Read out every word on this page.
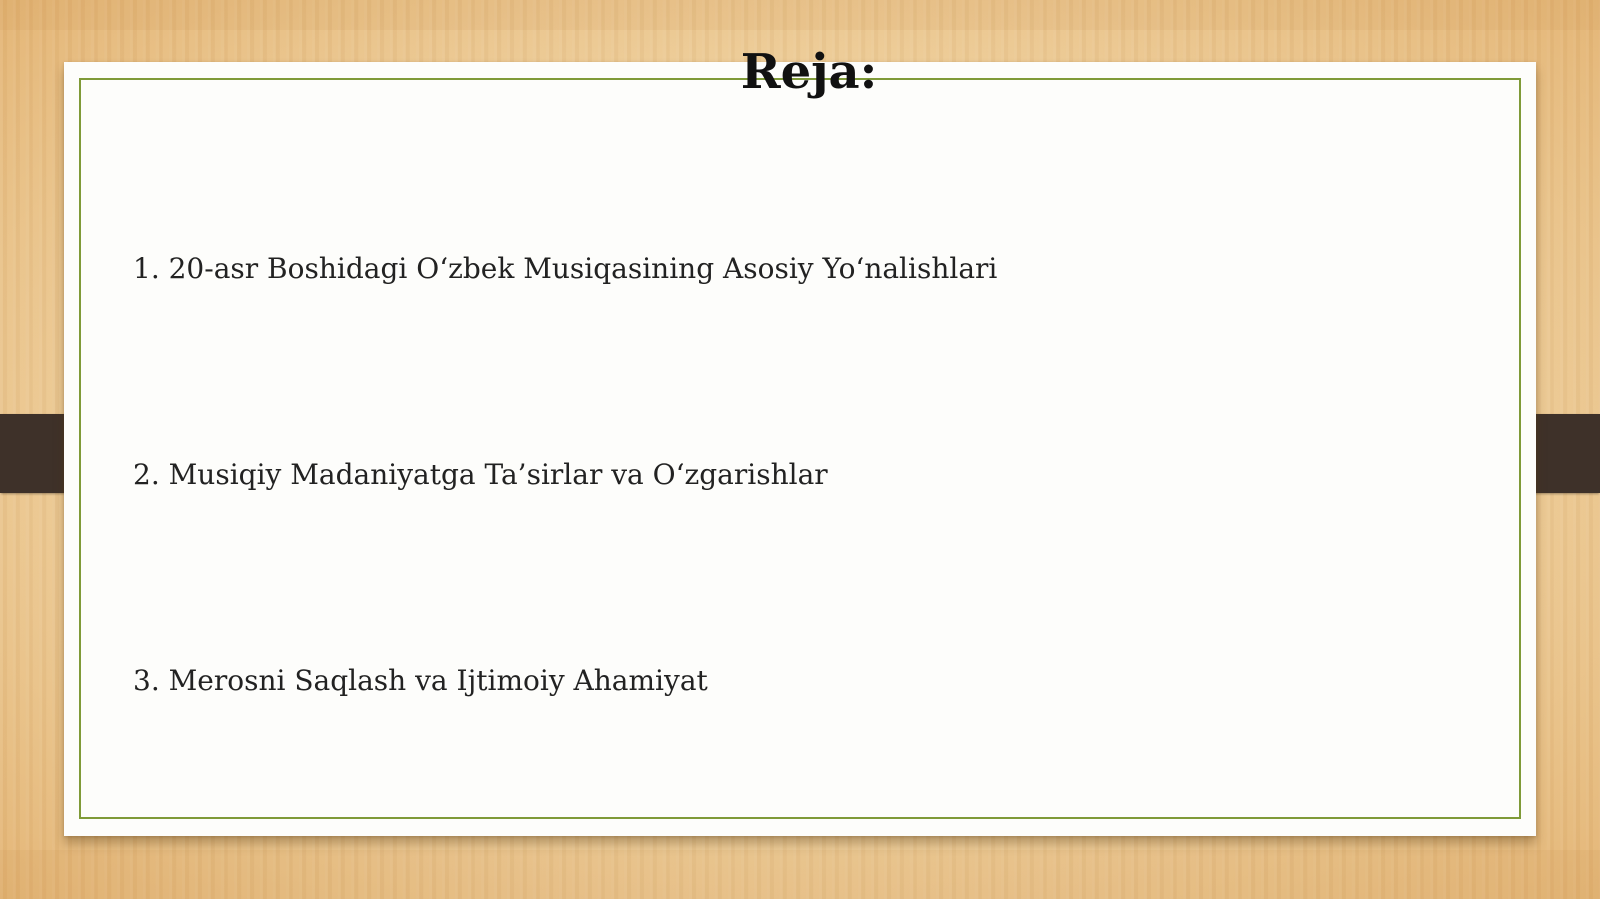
Reja:
1. 20-asr Boshidagi O‘zbek Musiqasining Asosiy Yo‘nalishlari
2. Musiqiy Madaniyatga Ta’sirlar va O‘zgarishlar
3. Merosni Saqlash va Ijtimoiy Ahamiyat
